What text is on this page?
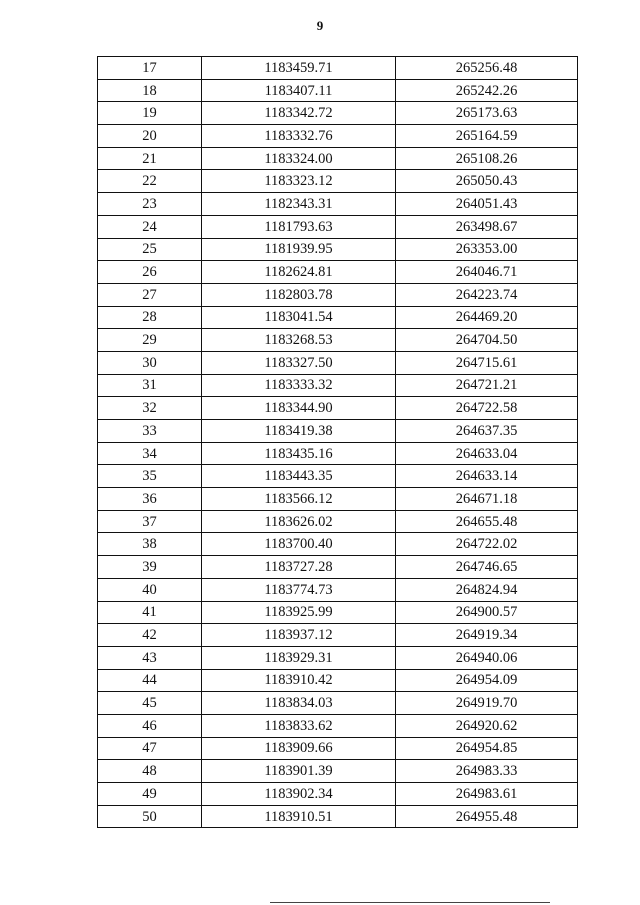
9
17	1183459.71	265256.48
18	1183407.11	265242.26
19	1183342.72	265173.63
20	1183332.76	265164.59
21	1183324.00	265108.26
22	1183323.12	265050.43
23	1182343.31	264051.43
24	1181793.63	263498.67
25	1181939.95	263353.00
26	1182624.81	264046.71
27	1182803.78	264223.74
28	1183041.54	264469.20
29	1183268.53	264704.50
30	1183327.50	264715.61
31	1183333.32	264721.21
32	1183344.90	264722.58
33	1183419.38	264637.35
34	1183435.16	264633.04
35	1183443.35	264633.14
36	1183566.12	264671.18
37	1183626.02	264655.48
38	1183700.40	264722.02
39	1183727.28	264746.65
40	1183774.73	264824.94
41	1183925.99	264900.57
42	1183937.12	264919.34
43	1183929.31	264940.06
44	1183910.42	264954.09
45	1183834.03	264919.70
46	1183833.62	264920.62
47	1183909.66	264954.85
48	1183901.39	264983.33
49	1183902.34	264983.61
50	1183910.51	264955.48
